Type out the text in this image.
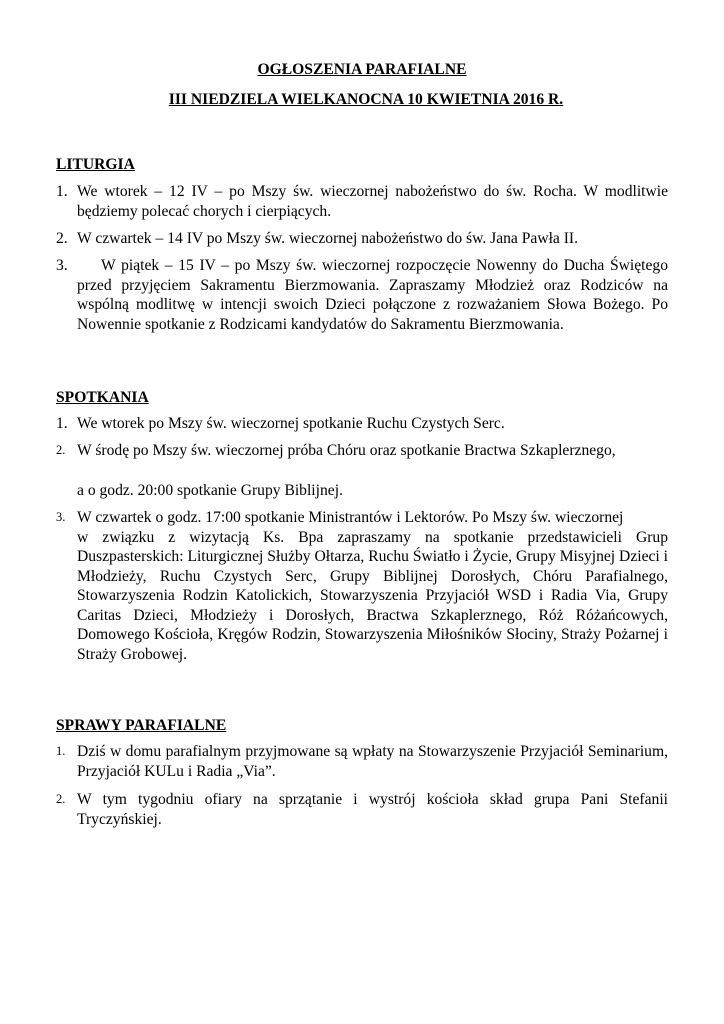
OGŁOSZENIA PARAFIALNE
III NIEDZIELA WIELKANOCNA 10 KWIETNIA 2016 R.
LITURGIA
1. We wtorek – 12 IV – po Mszy św. wieczornej nabożeństwo do św. Rocha. W modlitwie będziemy polecać chorych i cierpiących.
2. W czwartek – 14 IV po Mszy św. wieczornej nabożeństwo do św. Jana Pawła II.
3.	W piątek – 15 IV – po Mszy św. wieczornej rozpoczęcie Nowenny do Ducha Świętego przed przyjęciem Sakramentu Bierzmowania. Zapraszamy Młodzież oraz Rodziców na wspólną modlitwę w intencji swoich Dzieci połączone z rozważaniem Słowa Bożego. Po Nowennie spotkanie z Rodzicami kandydatów do Sakramentu Bierzmowania.
SPOTKANIA
1. We wtorek po Mszy św. wieczornej spotkanie Ruchu Czystych Serc.
2. W środę po Mszy św. wieczornej próba Chóru oraz spotkanie Bractwa Szkaplerznego,
a o godz. 20:00 spotkanie Grupy Biblijnej.
3. W czwartek o godz. 17:00 spotkanie Ministrantów i Lektorów. Po Mszy św. wieczornej
w związku z wizytacją Ks. Bpa zapraszamy na spotkanie przedstawicieli Grup Duszpasterskich: Liturgicznej Służby Ołtarza, Ruchu Światło i Życie, Grupy Misyjnej Dzieci i Młodzieży, Ruchu Czystych Serc, Grupy Biblijnej Dorosłych, Chóru Parafialnego, Stowarzyszenia Rodzin Katolickich, Stowarzyszenia Przyjaciół WSD i Radia Via, Grupy Caritas Dzieci, Młodzieży i Dorosłych, Bractwa Szkaplerznego, Róż Różańcowych, Domowego Kościoła, Kręgów Rodzin, Stowarzyszenia Miłośników Słociny, Straży Pożarnej i Straży Grobowej.
SPRAWY PARAFIALNE
1. Dziś w domu parafialnym przyjmowane są wpłaty na Stowarzyszenie Przyjaciół Seminarium, Przyjaciół KULu i Radia „Via”.
2. W tym tygodniu ofiary na sprzątanie i wystrój kościoła skład grupa Pani Stefanii Tryczyńskiej.
